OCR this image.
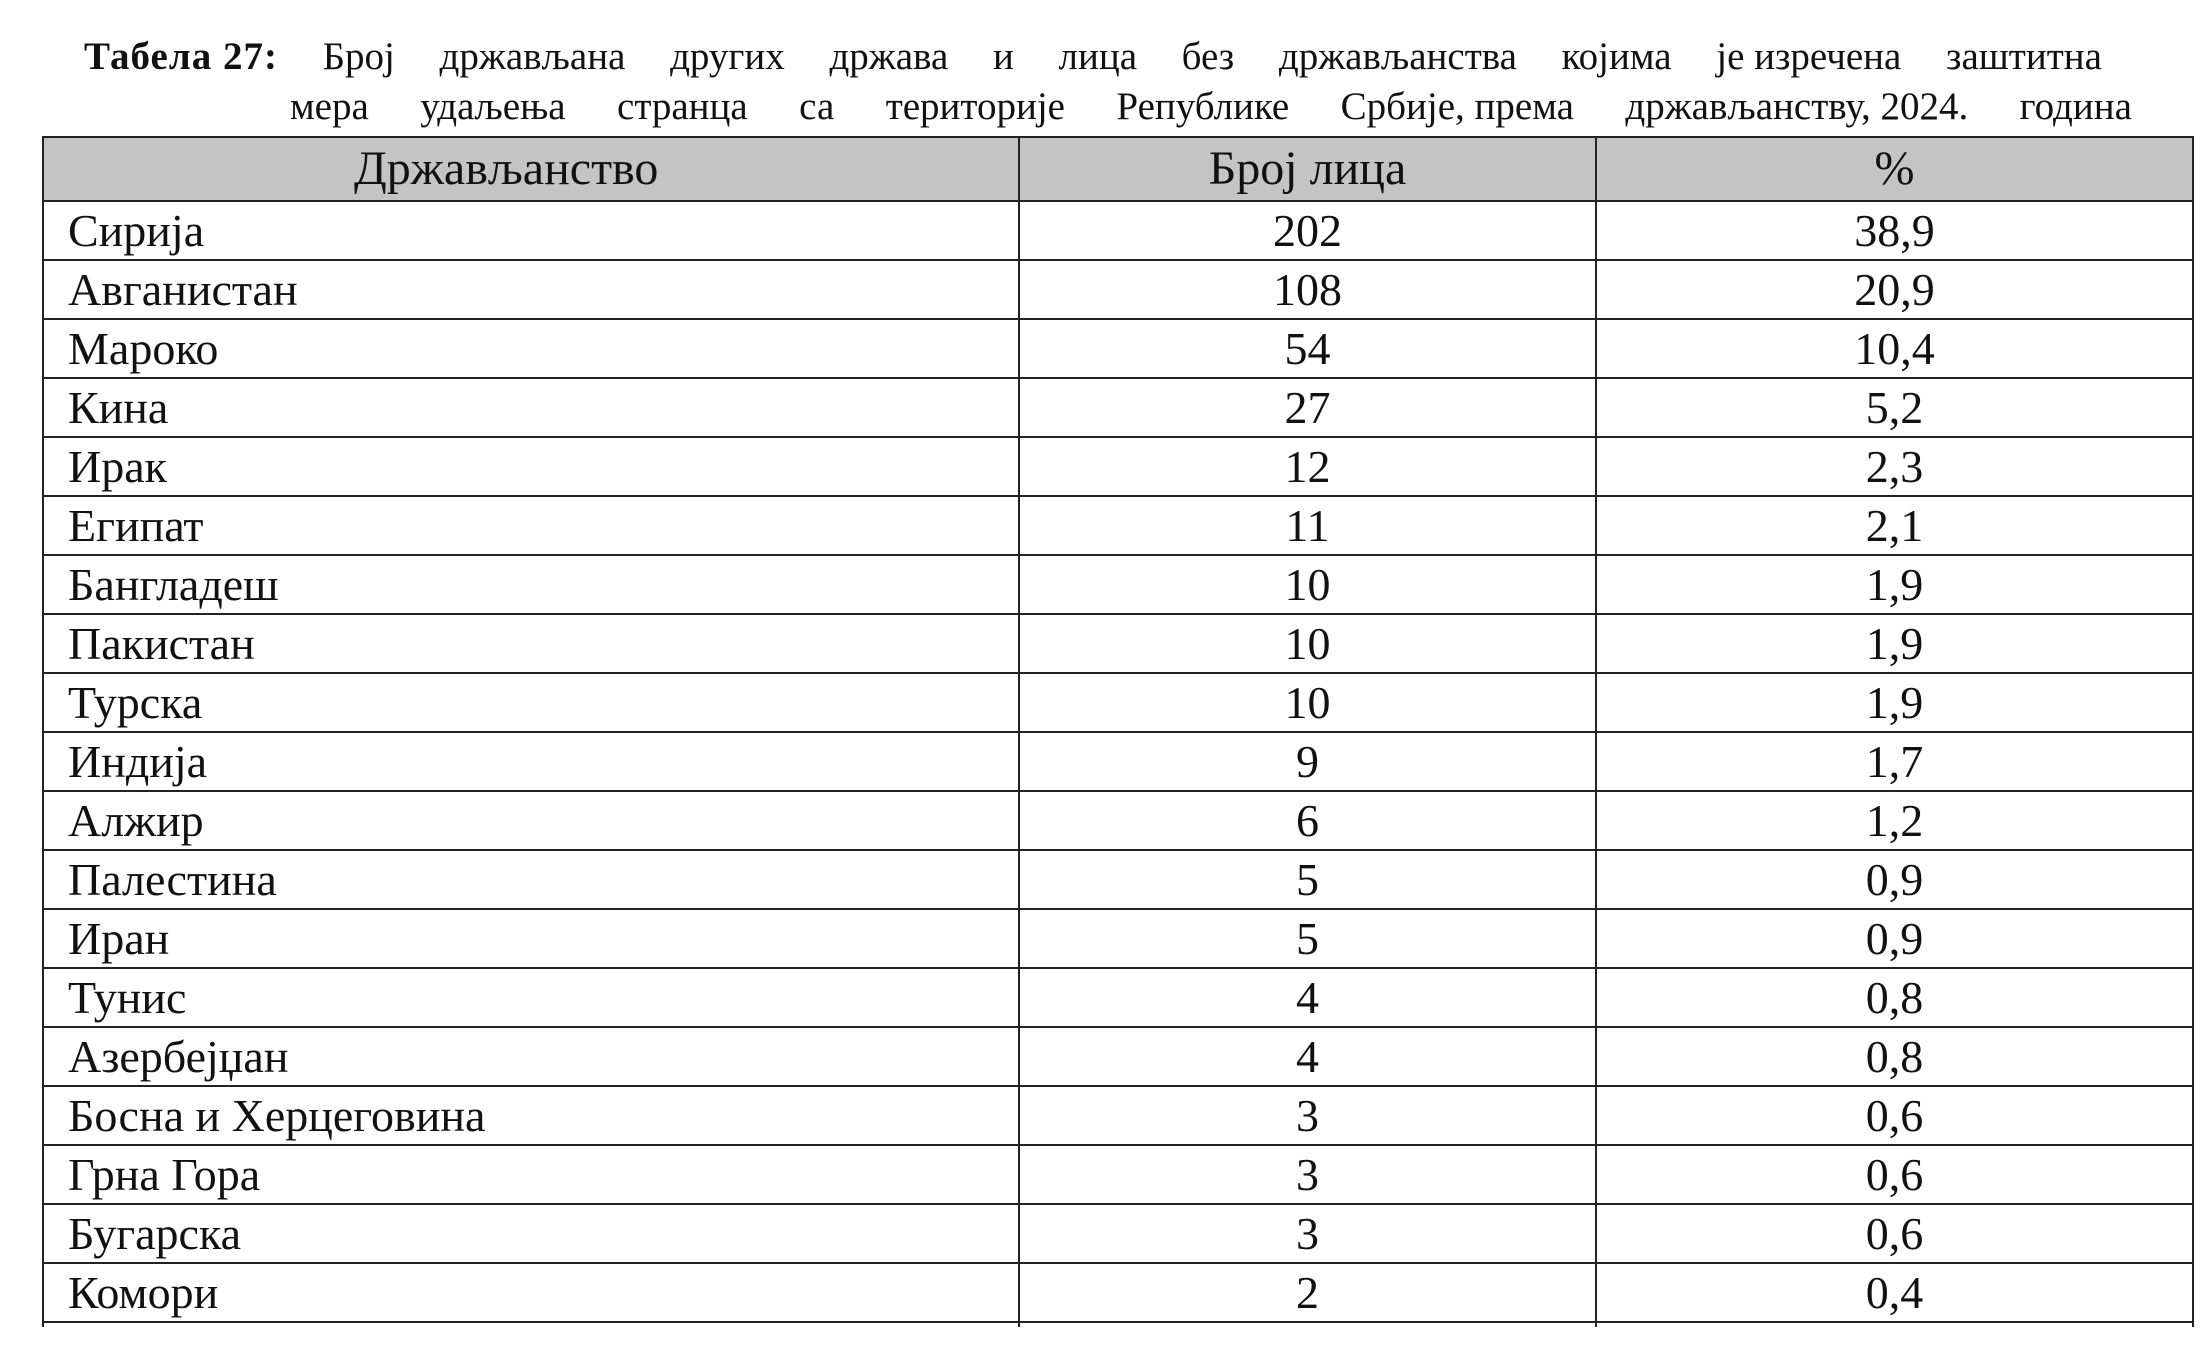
Табела 27: Број држављана других држава и лица без држављанства којима је изречена заштитна
мера удаљења странца са територије Републике Србије, према држављанству, 2024. година
Држављанство	Број лица	%
Сирија	202	38,9
Авганистан	108	20,9
Мароко	54	10,4
Кина	27	5,2
Ирак	12	2,3
Египат	11	2,1
Бангладеш	10	1,9
Пакистан	10	1,9
Турска	10	1,9
Индија	9	1,7
Алжир	6	1,2
Палестина	5	0,9
Иран	5	0,9
Тунис	4	0,8
Азербејџан	4	0,8
Босна и Херцеговина	3	0,6
Грна Гора	3	0,6
Бугарска	3	0,6
Комори	2	0,4
